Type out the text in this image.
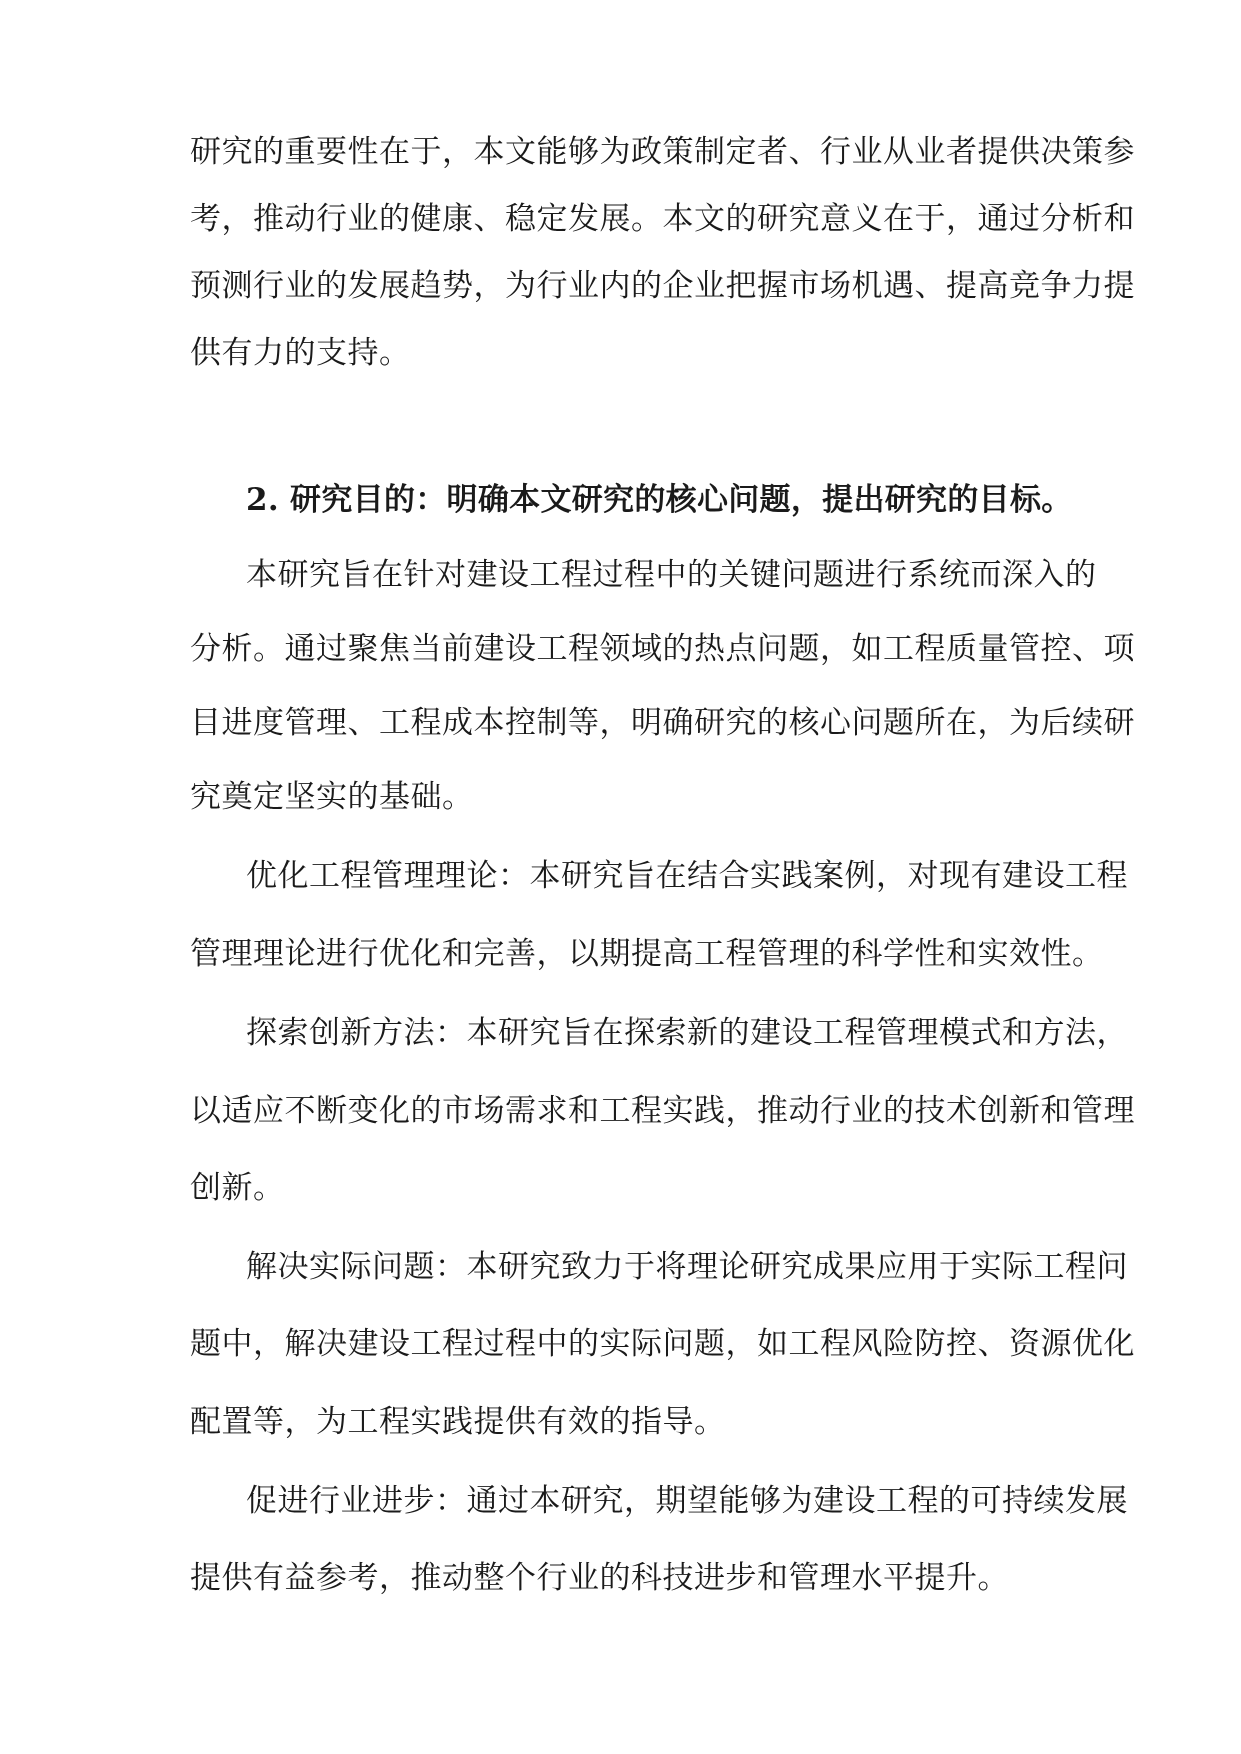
研究的重要性在于，本文能够为政策制定者、行业从业者提供决策参
考，推动行业的健康、稳定发展。本文的研究意义在于，通过分析和
预测行业的发展趋势，为行业内的企业把握市场机遇、提高竞争力提
供有力的支持。
2. 研究目的：明确本文研究的核心问题，提出研究的目标。
本研究旨在针对建设工程过程中的关键问题进行系统而深入的
分析。通过聚焦当前建设工程领域的热点问题，如工程质量管控、项
目进度管理、工程成本控制等，明确研究的核心问题所在，为后续研
究奠定坚实的基础。
优化工程管理理论：本研究旨在结合实践案例，对现有建设工程
管理理论进行优化和完善，以期提高工程管理的科学性和实效性。
探索创新方法：本研究旨在探索新的建设工程管理模式和方法，
以适应不断变化的市场需求和工程实践，推动行业的技术创新和管理
创新。
解决实际问题：本研究致力于将理论研究成果应用于实际工程问
题中，解决建设工程过程中的实际问题，如工程风险防控、资源优化
配置等，为工程实践提供有效的指导。
促进行业进步：通过本研究，期望能够为建设工程的可持续发展
提供有益参考，推动整个行业的科技进步和管理水平提升。
